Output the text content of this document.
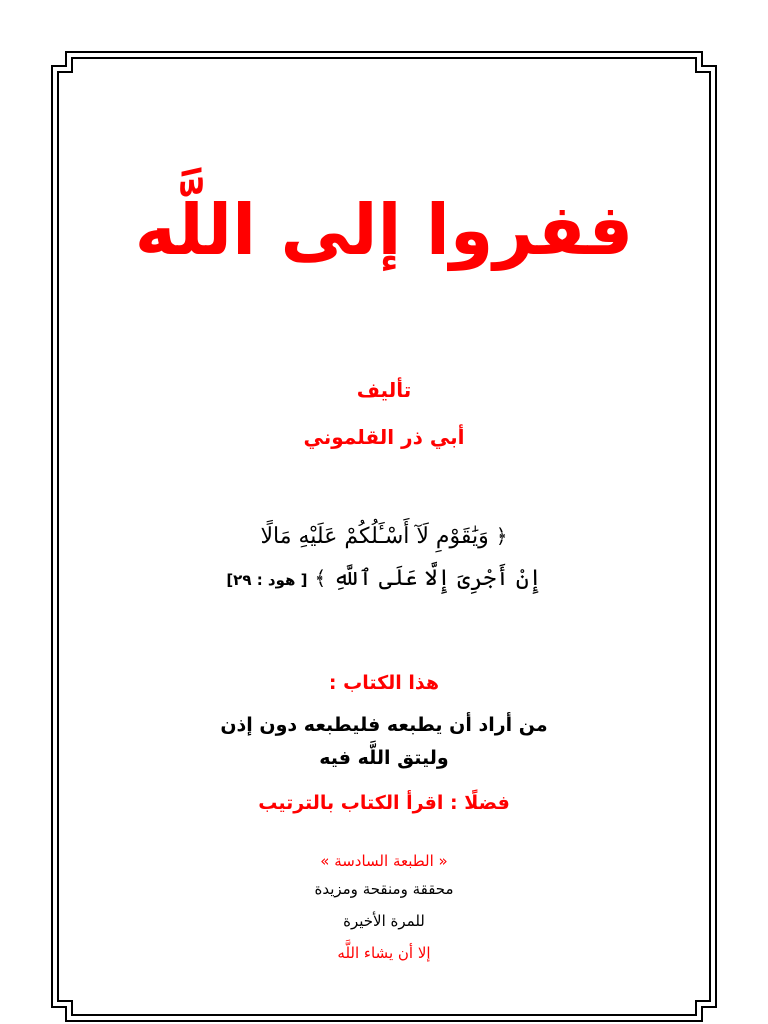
ففروا إلى اللَّه
تأليف
أبي ذر القلموني
﴿ وَيَٰقَوْمِ لَآ أَسْـَٔلُكُمْ عَلَيْهِ مَالًا
إِنْ أَجْرِىَ إِلَّا عَلَى ٱللَّهِ ﴾ [ هود : ٢٩]
هذا الكتاب :
من أراد أن يطبعه فليطبعه دون إذن
وليتق اللَّه فيه
فضلًا : اقرأ الكتاب بالترتيب
« الطبعة السادسة »
محققة ومنقحة ومزيدة
للمرة الأخيرة
إلا أن يشاء اللَّه
